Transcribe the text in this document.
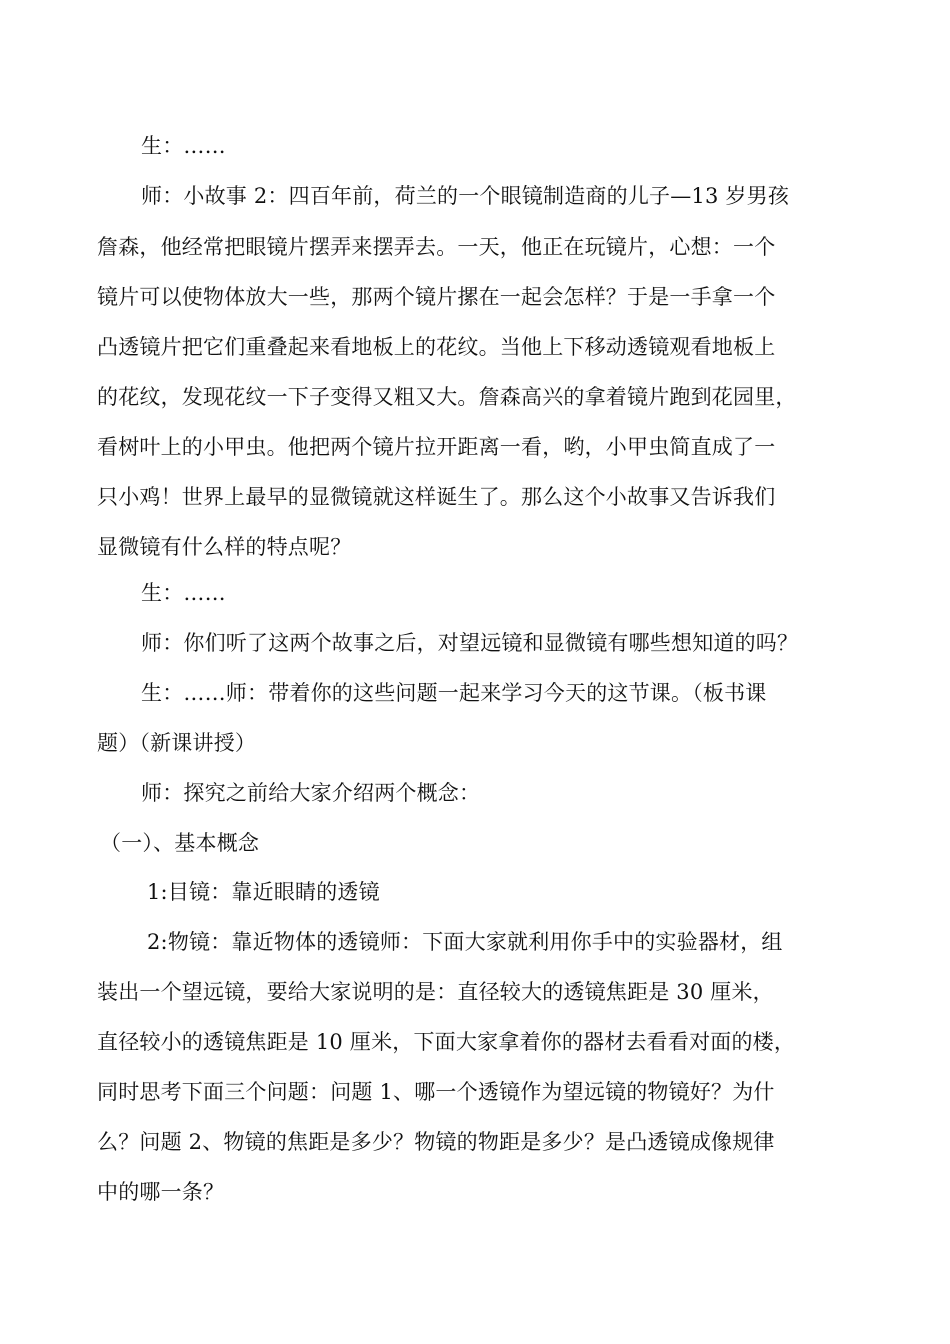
生：……
师：小故事 2：四百年前，荷兰的一个眼镜制造商的儿子—13 岁男孩
詹森，他经常把眼镜片摆弄来摆弄去。一天，他正在玩镜片，心想：一个
镜片可以使物体放大一些，那两个镜片摞在一起会怎样？于是一手拿一个
凸透镜片把它们重叠起来看地板上的花纹。当他上下移动透镜观看地板上
的花纹，发现花纹一下子变得又粗又大。詹森高兴的拿着镜片跑到花园里，
看树叶上的小甲虫。他把两个镜片拉开距离一看，哟，小甲虫简直成了一
只小鸡！世界上最早的显微镜就这样诞生了。那么这个小故事又告诉我们
显微镜有什么样的特点呢？
生：……
师：你们听了这两个故事之后，对望远镜和显微镜有哪些想知道的吗？
生：……师：带着你的这些问题一起来学习今天的这节课。（板书课
题）（新课讲授）
师：探究之前给大家介绍两个概念：
（一）、基本概念
1:目镜：靠近眼睛的透镜
2:物镜：靠近物体的透镜师：下面大家就利用你手中的实验器材，组
装出一个望远镜，要给大家说明的是：直径较大的透镜焦距是 30 厘米，
直径较小的透镜焦距是 10 厘米，下面大家拿着你的器材去看看对面的楼，
同时思考下面三个问题：问题 1、哪一个透镜作为望远镜的物镜好？为什
么？问题 2、物镜的焦距是多少？物镜的物距是多少？是凸透镜成像规律
中的哪一条？
